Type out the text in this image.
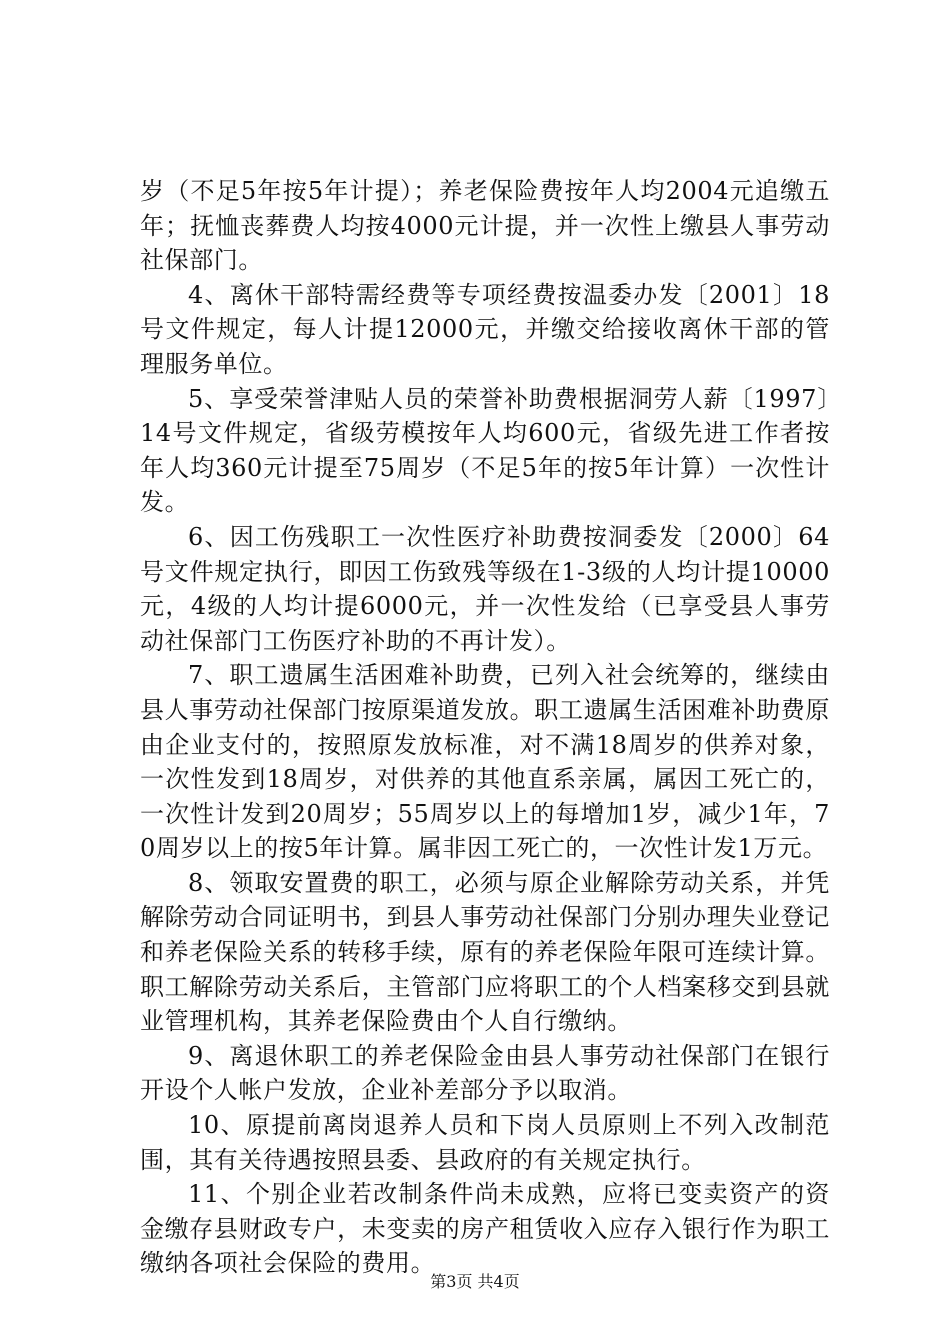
岁（不足5年按5年计提）；养老保险费按年人均2004元追缴五年；抚恤丧葬费人均按4000元计提，并一次性上缴县人事劳动社保部门。

4、离休干部特需经费等专项经费按温委办发〔2001〕18号文件规定，每人计提12000元，并缴交给接收离休干部的管理服务单位。

5、享受荣誉津贴人员的荣誉补助费根据洞劳人薪〔1997〕14号文件规定，省级劳模按年人均600元，省级先进工作者按年人均360元计提至75周岁（不足5年的按5年计算）一次性计发。

6、因工伤残职工一次性医疗补助费按洞委发〔2000〕64号文件规定执行，即因工伤致残等级在1-3级的人均计提10000元，4级的人均计提6000元，并一次性发给（已享受县人事劳动社保部门工伤医疗补助的不再计发）。

7、职工遗属生活困难补助费，已列入社会统筹的，继续由县人事劳动社保部门按原渠道发放。职工遗属生活困难补助费原由企业支付的，按照原发放标准，对不满18周岁的供养对象，一次性发到18周岁，对供养的其他直系亲属，属因工死亡的，一次性计发到20周岁；55周岁以上的每增加1岁，减少1年，70周岁以上的按5年计算。属非因工死亡的，一次性计发1万元。

8、领取安置费的职工，必须与原企业解除劳动关系，并凭解除劳动合同证明书，到县人事劳动社保部门分别办理失业登记和养老保险关系的转移手续，原有的养老保险年限可连续计算。职工解除劳动关系后，主管部门应将职工的个人档案移交到县就业管理机构，其养老保险费由个人自行缴纳。

9、离退休职工的养老保险金由县人事劳动社保部门在银行开设个人帐户发放，企业补差部分予以取消。

10、原提前离岗退养人员和下岗人员原则上不列入改制范围，其有关待遇按照县委、县政府的有关规定执行。

11、个别企业若改制条件尚未成熟，应将已变卖资产的资金缴存县财政专户，未变卖的房产租赁收入应存入银行作为职工缴纳各项社会保险的费用。

第3页 共4页
